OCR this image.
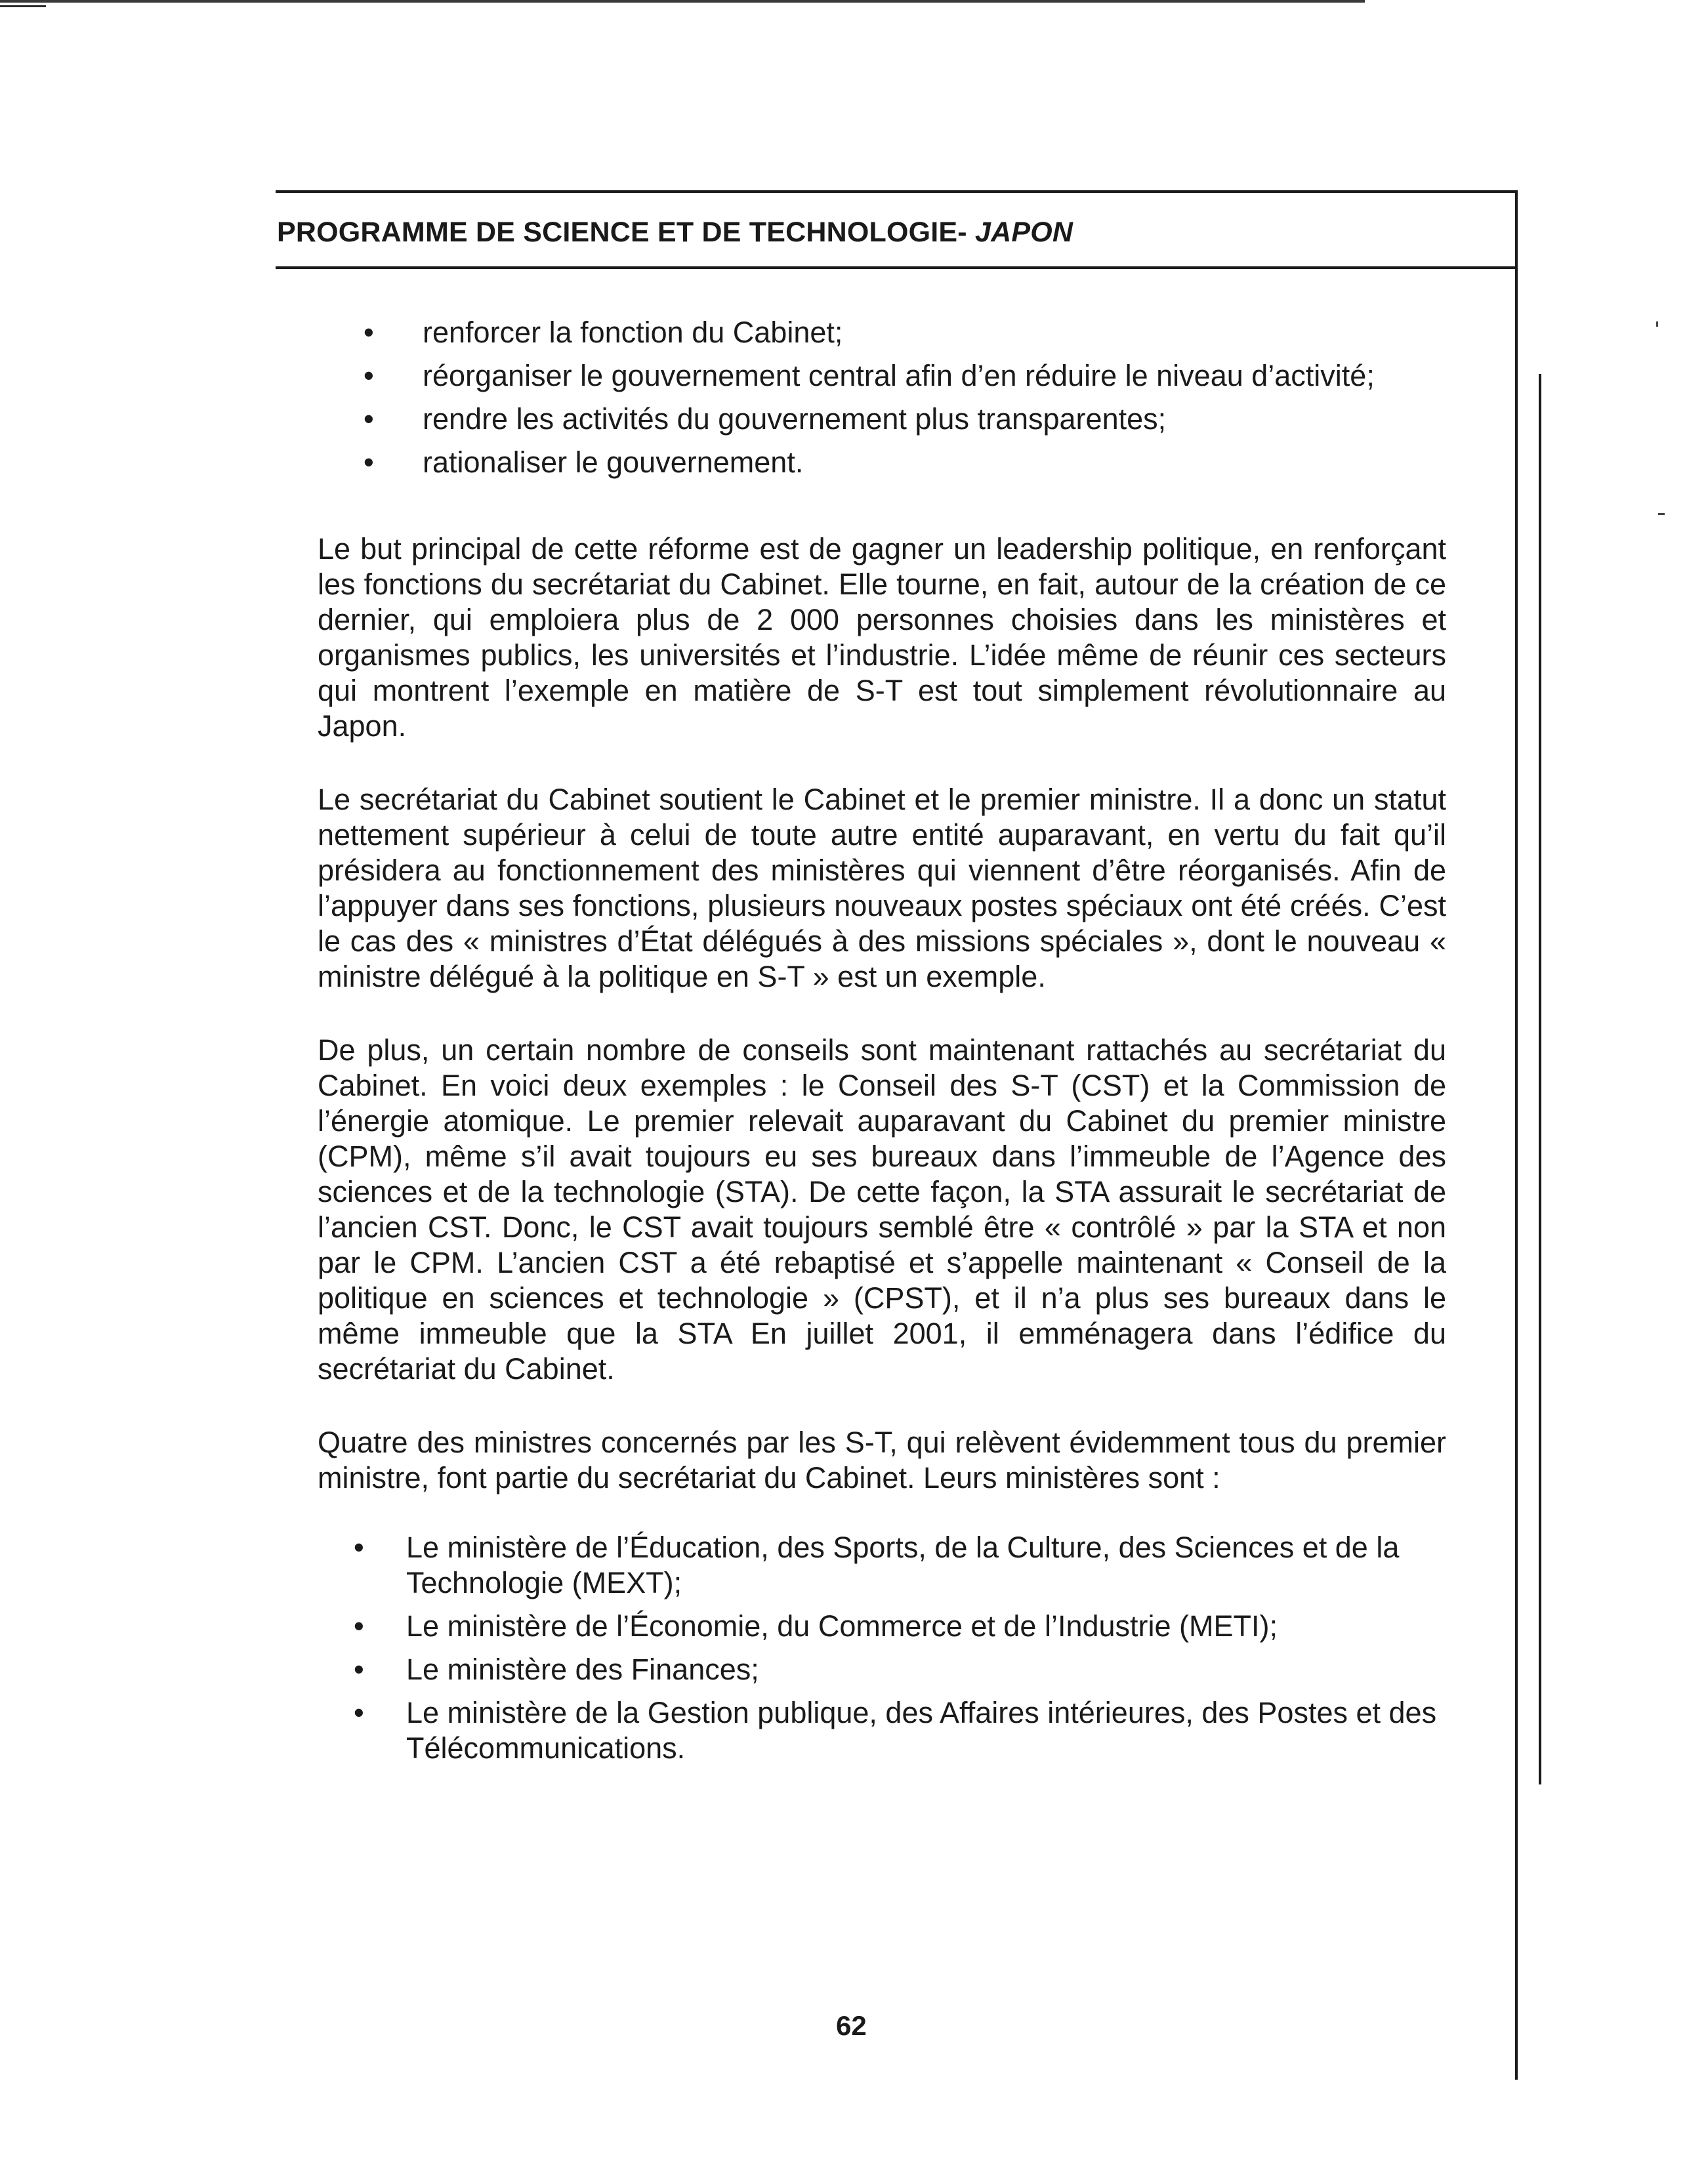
PROGRAMME DE SCIENCE ET DE TECHNOLOGIE- JAPON
• renforcer la fonction du Cabinet;
• réorganiser le gouvernement central afin d’en réduire le niveau d’activité;
• rendre les activités du gouvernement plus transparentes;
• rationaliser le gouvernement.

Le but principal de cette réforme est de gagner un leadership politique, en renforçant les fonctions du secrétariat du Cabinet. Elle tourne, en fait, autour de la création de ce dernier, qui emploiera plus de 2 000 personnes choisies dans les ministères et organismes publics, les universités et l’industrie. L’idée même de réunir ces secteurs qui montrent l’exemple en matière de S-T est tout simplement révolutionnaire au Japon.

Le secrétariat du Cabinet soutient le Cabinet et le premier ministre. Il a donc un statut nettement supérieur à celui de toute autre entité auparavant, en vertu du fait qu’il présidera au fonctionnement des ministères qui viennent d’être réorganisés. Afin de l’appuyer dans ses fonctions, plusieurs nouveaux postes spéciaux ont été créés. C’est le cas des « ministres d’État délégués à des missions spéciales », dont le nouveau « ministre délégué à la politique en S-T » est un exemple.

De plus, un certain nombre de conseils sont maintenant rattachés au secrétariat du Cabinet. En voici deux exemples : le Conseil des S-T (CST) et la Commission de l’énergie atomique. Le premier relevait auparavant du Cabinet du premier ministre (CPM), même s’il avait toujours eu ses bureaux dans l’immeuble de l’Agence des sciences et de la technologie (STA). De cette façon, la STA assurait le secrétariat de l’ancien CST. Donc, le CST avait toujours semblé être « contrôlé » par la STA et non par le CPM. L’ancien CST a été rebaptisé et s’appelle maintenant « Conseil de la politique en sciences et technologie » (CPST), et il n’a plus ses bureaux dans le même immeuble que la STA En juillet 2001, il emménagera dans l’édifice du secrétariat du Cabinet.

Quatre des ministres concernés par les S-T, qui relèvent évidemment tous du premier ministre, font partie du secrétariat du Cabinet. Leurs ministères sont :

• Le ministère de l’Éducation, des Sports, de la Culture, des Sciences et de la Technologie (MEXT);
• Le ministère de l’Économie, du Commerce et de l’Industrie (METI);
• Le ministère des Finances;
• Le ministère de la Gestion publique, des Affaires intérieures, des Postes et des Télécommunications.
62
